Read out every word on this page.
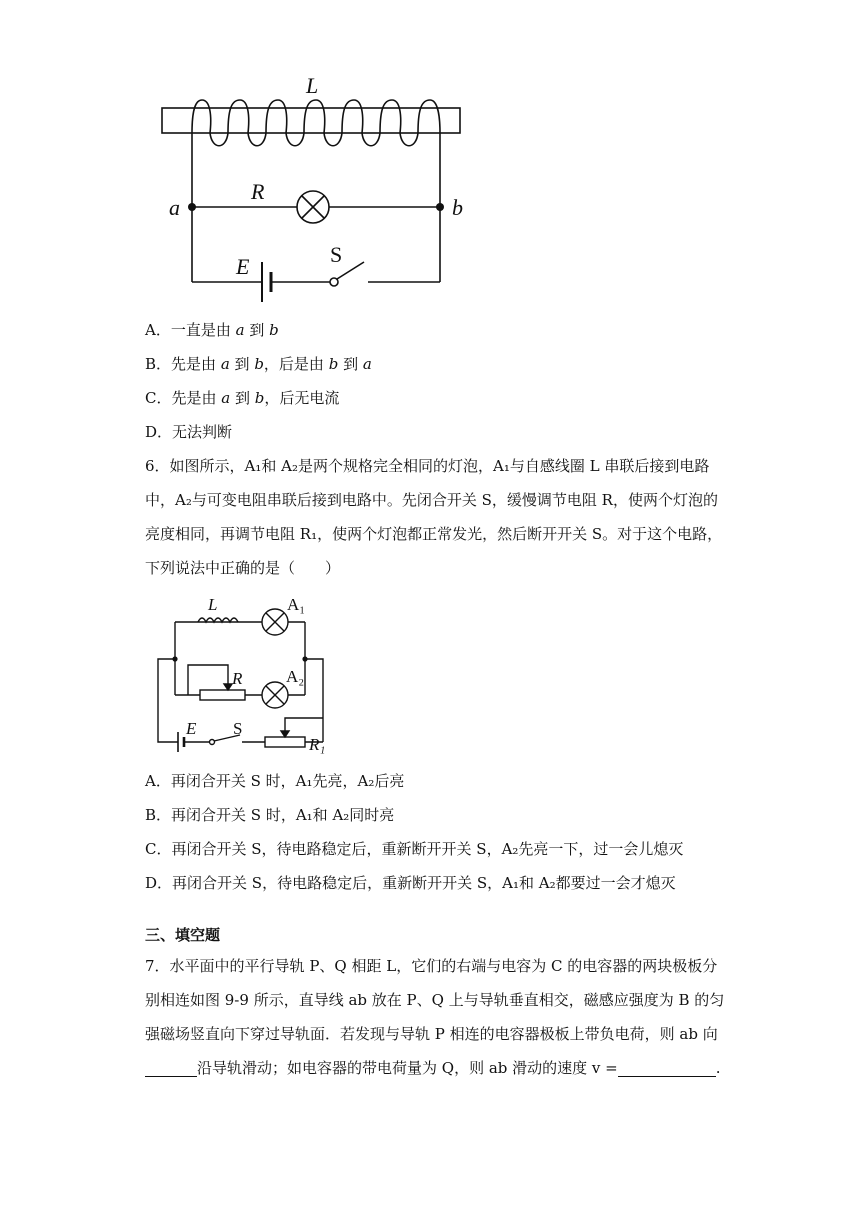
L
R
a	b
E	S
A．一直是由 a 到 b
B．先是由 a 到 b，后是由 b 到 a
C．先是由 a 到 b，后无电流
D．无法判断
6．如图所示，A₁和 A₂是两个规格完全相同的灯泡，A₁与自感线圈 L 串联后接到电路
中，A₂与可变电阻串联后接到电路中。先闭合开关 S，缓慢调节电阻 R，使两个灯泡的
亮度相同，再调节电阻 R₁，使两个灯泡都正常发光，然后断开开关 S。对于这个电路，
下列说法中正确的是（　　）
L	A₁
R	A₂
E S
R₁
A．再闭合开关 S 时，A₁先亮，A₂后亮
B．再闭合开关 S 时，A₁和 A₂同时亮
C．再闭合开关 S，待电路稳定后，重新断开开关 S，A₂先亮一下，过一会儿熄灭
D．再闭合开关 S，待电路稳定后，重新断开开关 S，A₁和 A₂都要过一会才熄灭
三、填空题
7．水平面中的平行导轨 P、Q 相距 L，它们的右端与电容为 C 的电容器的两块极板分
别相连如图 9-9 所示，直导线 ab 放在 P、Q 上与导轨垂直相交，磁感应强度为 B 的匀
强磁场竖直向下穿过导轨面．若发现与导轨 P 相连的电容器极板上带负电荷，则 ab 向
沿导轨滑动；如电容器的带电荷量为 Q，则 ab 滑动的速度 v =	.
